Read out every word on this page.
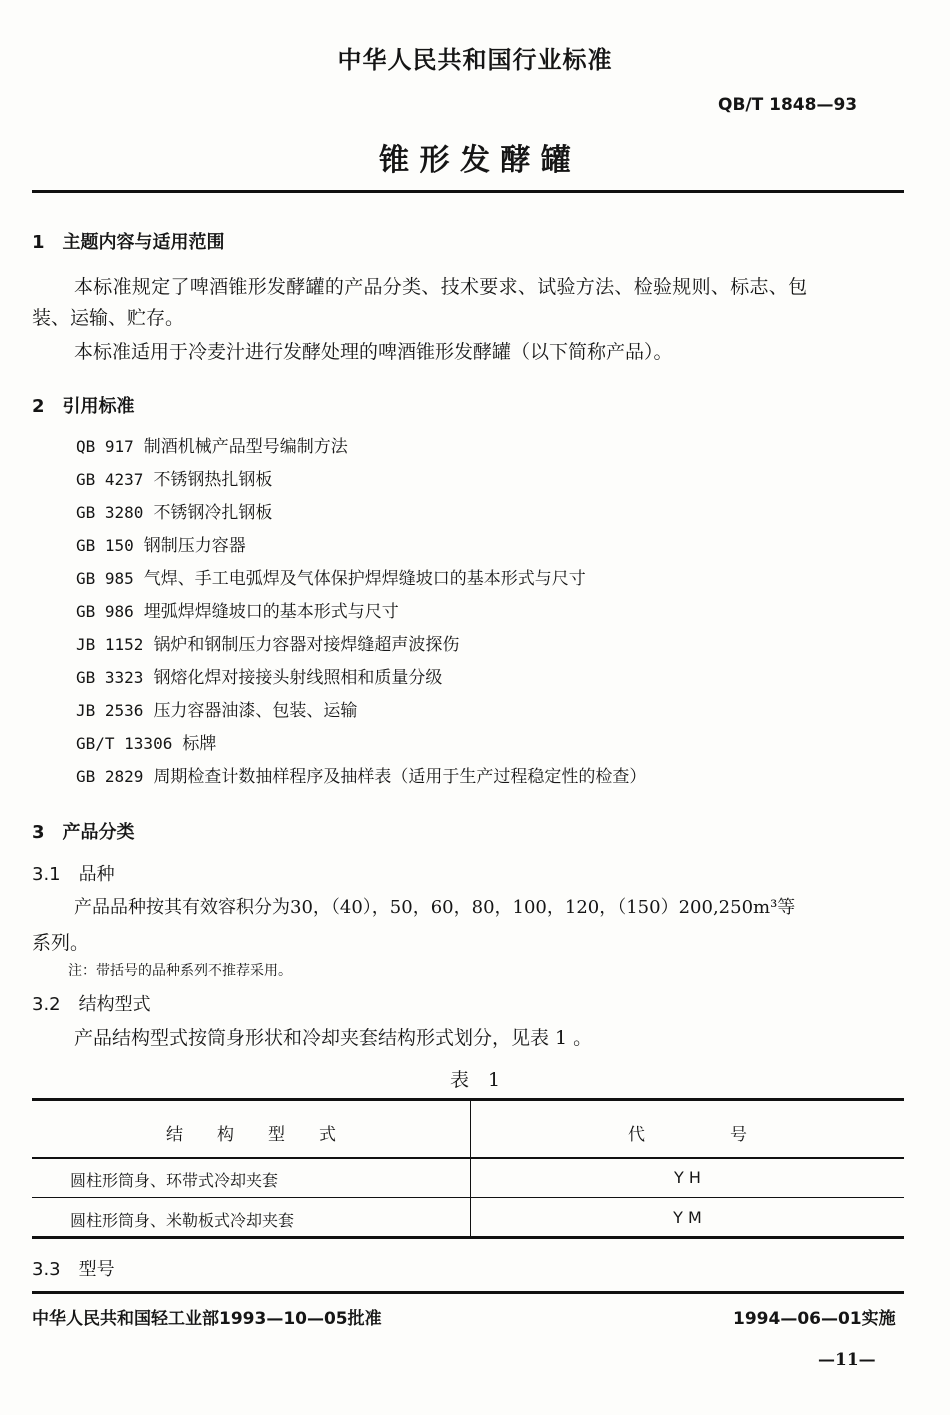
中华人民共和国行业标准
QB/T 1848—93
锥 形 发 酵 罐
1　主题内容与适用范围
本标准规定了啤酒锥形发酵罐的产品分类、技术要求、试验方法、检验规则、标志、包
装、运输、贮存。
本标准适用于冷麦汁进行发酵处理的啤酒锥形发酵罐（以下简称产品）。
2　引用标准
QB 917 制酒机械产品型号编制方法
GB 4237 不锈钢热扎钢板
GB 3280 不锈钢冷扎钢板
GB 150 钢制压力容器
GB 985 气焊、手工电弧焊及气体保护焊焊缝坡口的基本形式与尺寸
GB 986 埋弧焊焊缝坡口的基本形式与尺寸
JB 1152 锅炉和钢制压力容器对接焊缝超声波探伤
GB 3323 钢熔化焊对接接头射线照相和质量分级
JB 2536 压力容器油漆、包装、运输
GB/T 13306 标牌
GB 2829 周期检查计数抽样程序及抽样表（适用于生产过程稳定性的检查）
3　产品分类
3.1　品种
产品品种按其有效容积分为30，（40），50，60，80，100，120，（150）200,250m³等
系列。
注：带括号的品种系列不推荐采用。
3.2　结构型式
产品结构型式按筒身形状和冷却夹套结构形式划分，见表 1 。
表　1
结　　构　　型　　式	代　　　　　号
圆柱形筒身、环带式冷却夹套	Y H
圆柱形筒身、米勒板式冷却夹套	Y M
3.3　型号
中华人民共和国轻工业部1993—10—05批准	1994—06—01实施
—11—
